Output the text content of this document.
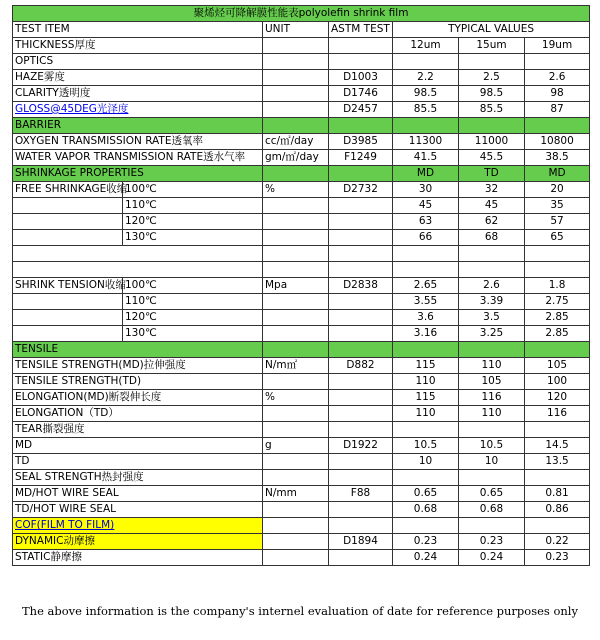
聚烯烃可降解膜性能表polyolefin shrink film						
TEST ITEM		UNIT	ASTM TEST	TYPICAL VALUES		
THICKNESS厚度				12um	15um	19um
OPTICS						
HAZE雾度			D1003	2.2	2.5	2.6
CLARITY透明度			D1746	98.5	98.5	98
GLOSS@45DEG光泽度			D2457	85.5	85.5	87
BARRIER						
OXYGEN TRANSMISSION RATE透氧率		cc/㎡/day	D3985	11300	11000	10800
WATER VAPOR TRANSMISSION RATE透水气率		gm/㎡/day	F1249	41.5	45.5	38.5
SHRINKAGE PROPERTIES				MD	TD	MD
FREE SHRINKAGE收缩	100℃	%	D2732	30	32	20
	110℃			45	45	35
	120℃			63	62	57
	130℃			66	68	65

SHRINK TENSION收缩	100℃	Mpa	D2838	2.65	2.6	1.8
	110℃			3.55	3.39	2.75
	120℃			3.6	3.5	2.85
	130℃			3.16	3.25	2.85
TENSILE						
TENSILE STRENGTH(MD)拉伸强度		N/m㎡	D882	115	110	105
TENSILE STRENGTH(TD)				110	105	100
ELONGATION(MD)断裂伸长度		%		115	116	120
ELONGATION（TD）				110	110	116
TEAR撕裂强度						
MD		g	D1922	10.5	10.5	14.5
TD				10	10	13.5
SEAL STRENGTH热封强度						
MD/HOT WIRE SEAL		N/mm	F88	0.65	0.65	0.81
TD/HOT WIRE SEAL				0.68	0.68	0.86
COF(FILM TO FILM)						
DYNAMIC动摩擦			D1894	0.23	0.23	0.22
STATIC静摩擦				0.24	0.24	0.23
The above information is the company's internel evaluation of date for reference purposes only
